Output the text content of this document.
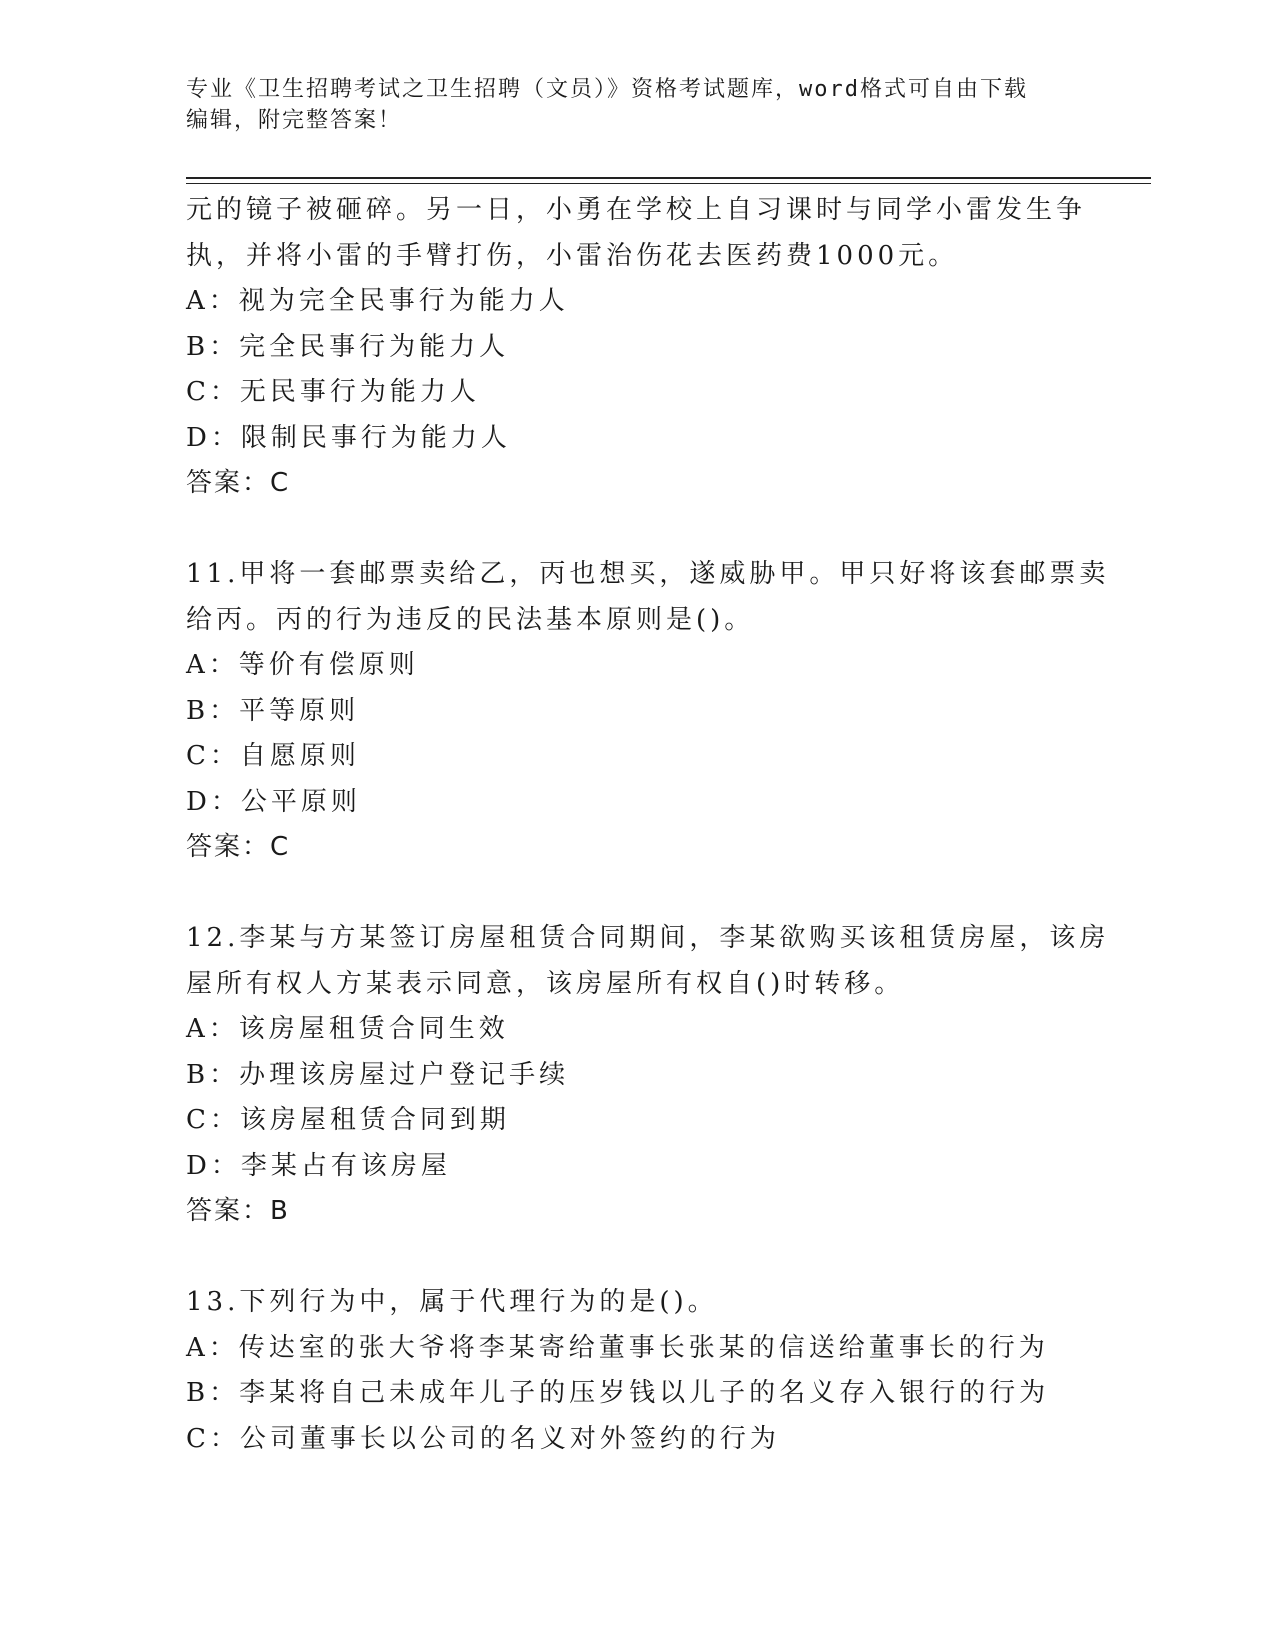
专业《卫生招聘考试之卫生招聘（文员）》资格考试题库，word格式可自由下载
编辑，附完整答案！
元的镜子被砸碎。另一日，小勇在学校上自习课时与同学小雷发生争
执，并将小雷的手臂打伤，小雷治伤花去医药费1000元。
A：视为完全民事行为能力人
B：完全民事行为能力人
C：无民事行为能力人
D：限制民事行为能力人
答案：C
11.甲将一套邮票卖给乙，丙也想买，遂威胁甲。甲只好将该套邮票卖
给丙。丙的行为违反的民法基本原则是()。
A：等价有偿原则
B：平等原则
C：自愿原则
D：公平原则
答案：C
12.李某与方某签订房屋租赁合同期间，李某欲购买该租赁房屋，该房
屋所有权人方某表示同意，该房屋所有权自()时转移。
A：该房屋租赁合同生效
B：办理该房屋过户登记手续
C：该房屋租赁合同到期
D：李某占有该房屋
答案：B
13.下列行为中，属于代理行为的是()。
A：传达室的张大爷将李某寄给董事长张某的信送给董事长的行为
B：李某将自己未成年儿子的压岁钱以儿子的名义存入银行的行为
C：公司董事长以公司的名义对外签约的行为
